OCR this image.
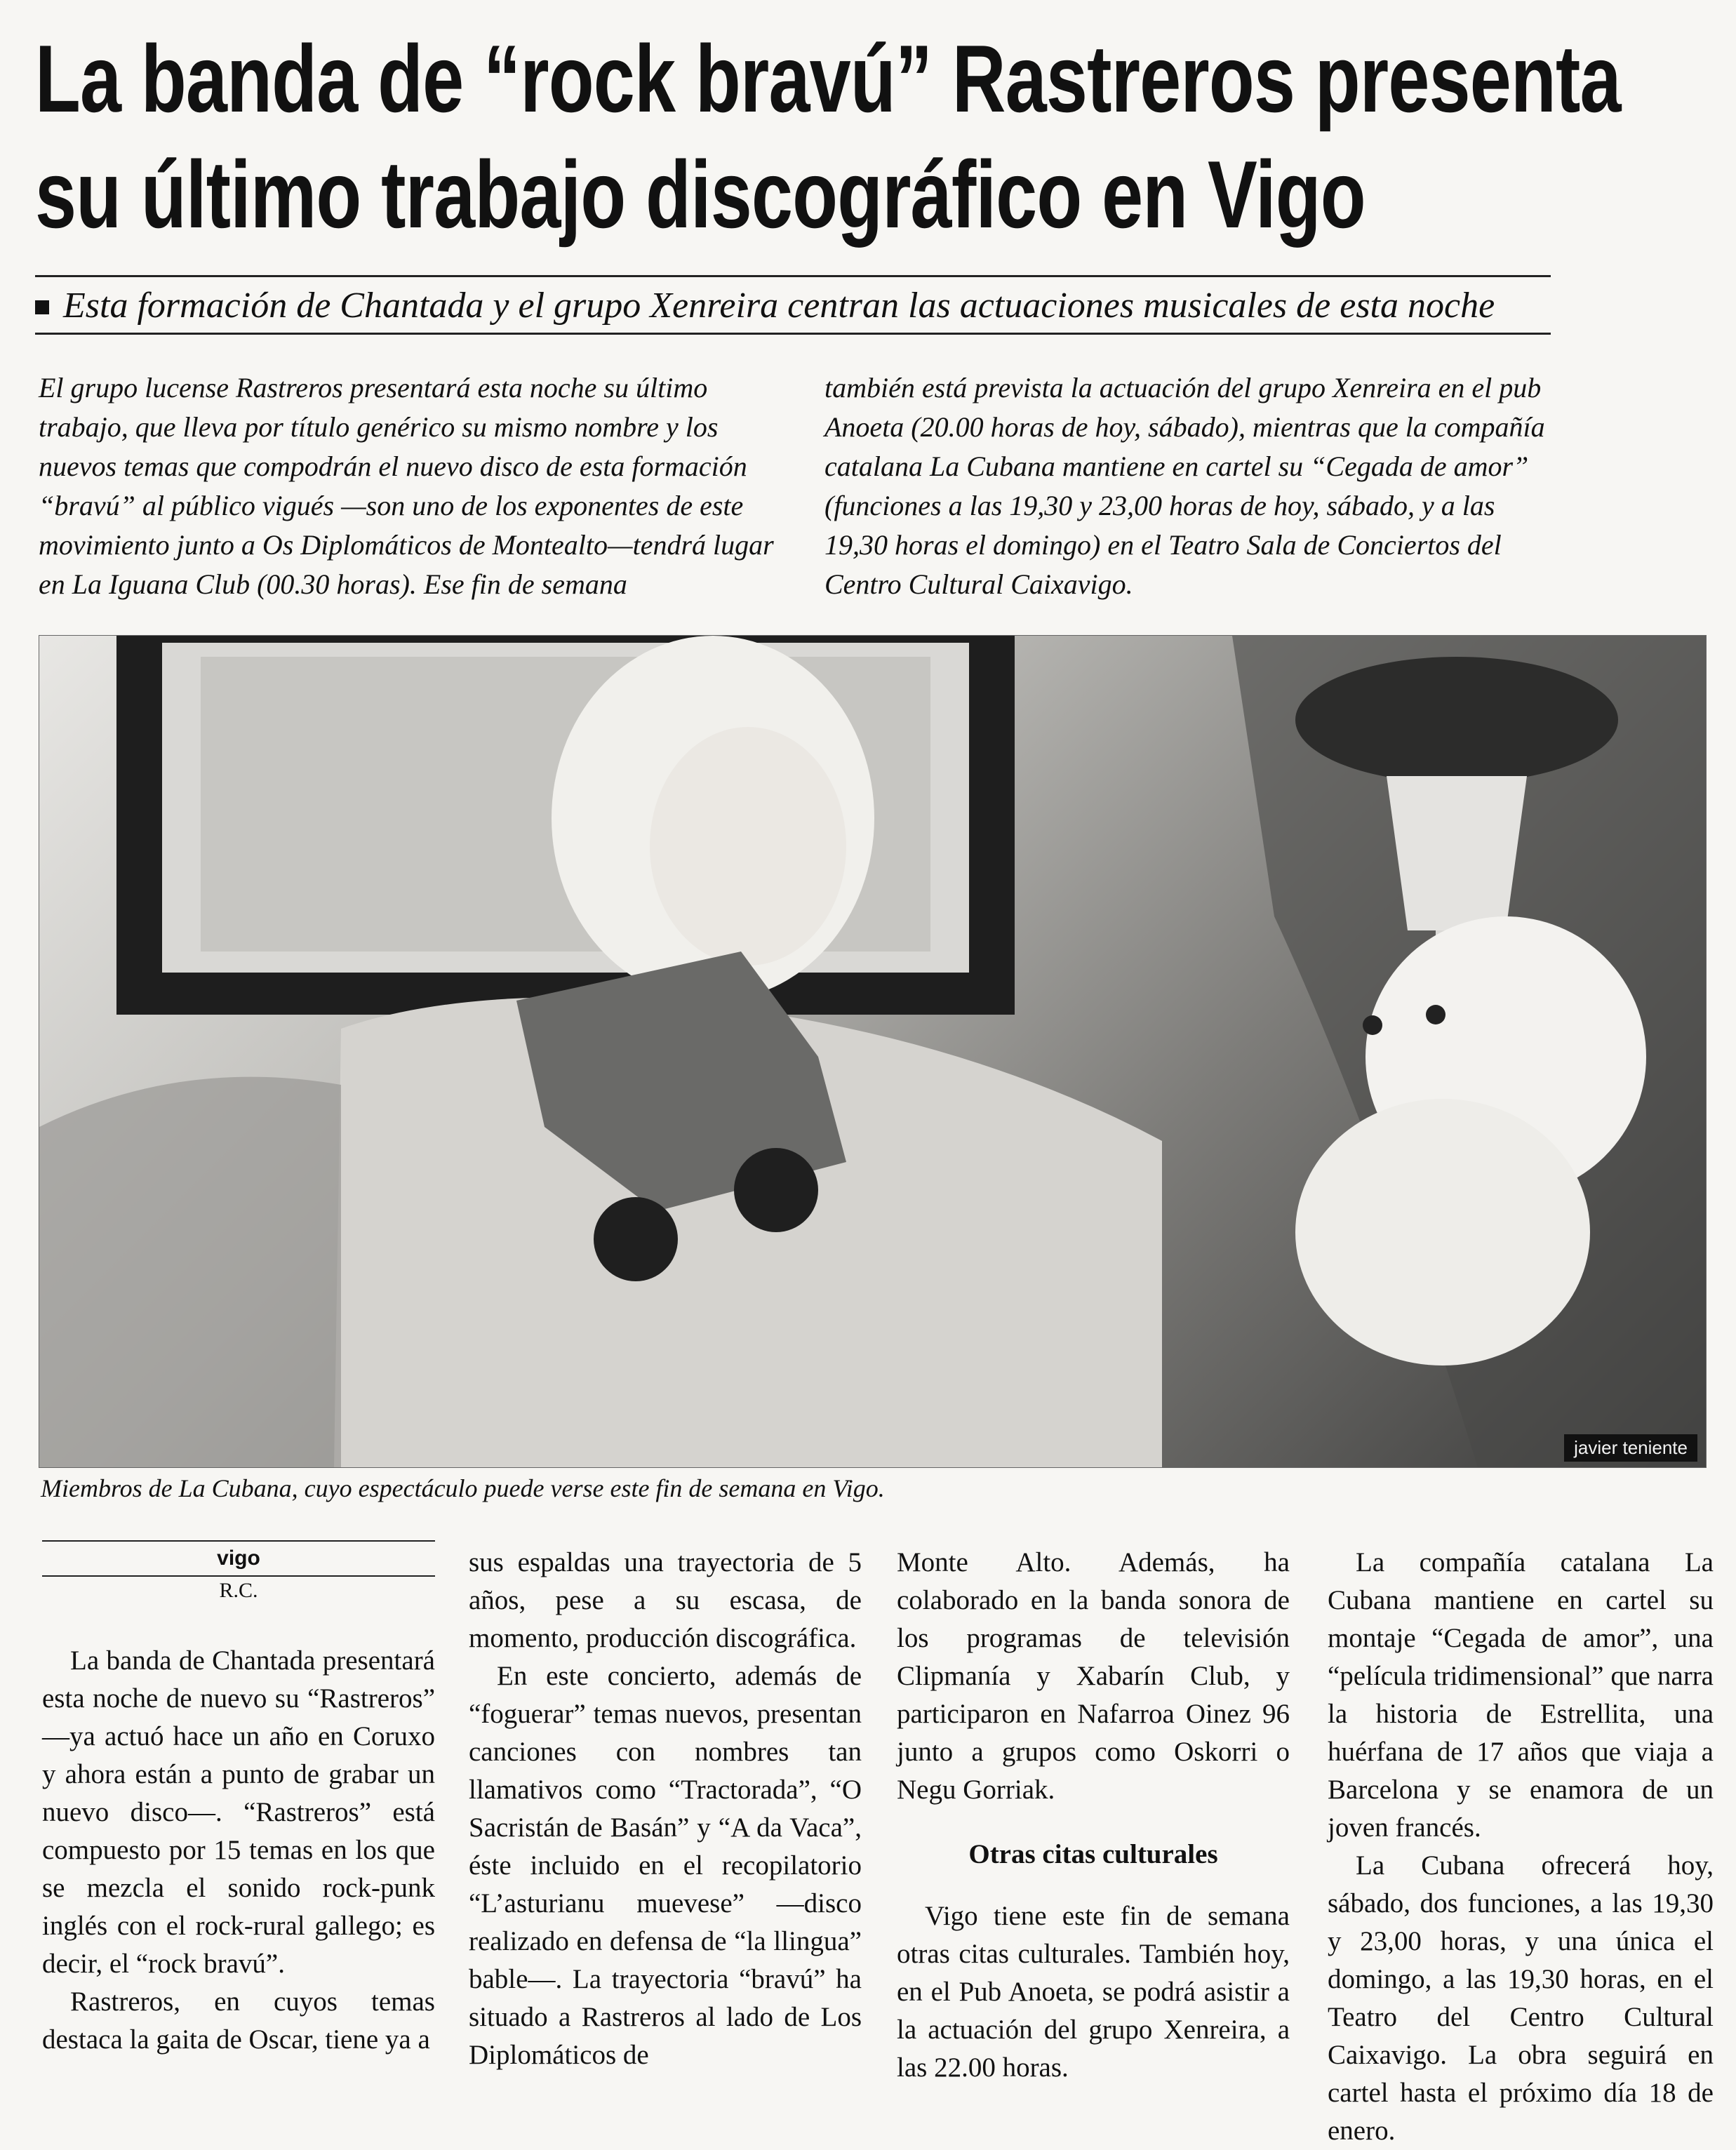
La banda de “rock bravú” Rastreros presenta
su último trabajo discográfico en Vigo
Esta formación de Chantada y el grupo Xenreira centran las actuaciones musicales de esta noche

El grupo lucense Rastreros presentará esta noche su último trabajo, que lleva por título genérico su mismo nombre y los nuevos temas que compodrán el nuevo disco de esta formación “bravú” al público vigués —son uno de los exponentes de este movimiento junto a Os Diplomáticos de Montealto—tendrá lugar en La Iguana Club (00.30 horas). Ese fin de semana

también está prevista la actuación del grupo Xenreira en el pub Anoeta (20.00 horas de hoy, sábado), mientras que la compañía catalana La Cubana mantiene en cartel su “Cegada de amor” (funciones a las 19,30 y 23,00 horas de hoy, sábado, y a las 19,30 horas el domingo) en el Teatro Sala de Conciertos del Centro Cultural Caixavigo.

javier teniente
Miembros de La Cubana, cuyo espectáculo puede verse este fin de semana en Vigo.
vigo
R.C.

La banda de Chantada presentará esta noche de nuevo su “Rastreros” —ya actuó hace un año en Coruxo y ahora están a punto de grabar un nuevo disco—. “Rastreros” está compuesto por 15 temas en los que se mezcla el sonido rock-punk inglés con el rock-rural gallego; es decir, el “rock bravú”.

Rastreros, en cuyos temas destaca la gaita de Oscar, tiene ya a

sus espaldas una trayectoria de 5 años, pese a su escasa, de momento, producción discográfica.

En este concierto, además de “foguerar” temas nuevos, presentan canciones con nombres tan llamativos como “Tractorada”, “O Sacristán de Basán” y “A da Vaca”, éste incluido en el recopilatorio “L’asturianu muevese” —disco realizado en defensa de “la llingua” bable—. La trayectoria “bravú” ha situado a Rastreros al lado de Los Diplomáticos de

Monte Alto. Además, ha colaborado en la banda sonora de los programas de televisión Clipmanía y Xabarín Club, y participaron en Nafarroa Oinez 96 junto a grupos como Oskorri o Negu Gorriak.

Otras citas culturales

Vigo tiene este fin de semana otras citas culturales. También hoy, en el Pub Anoeta, se podrá asistir a la actuación del grupo Xenreira, a las 22.00 horas.

La compañía catalana La Cubana mantiene en cartel su montaje “Cegada de amor”, una “película tridimensional” que narra la historia de Estrellita, una huérfana de 17 años que viaja a Barcelona y se enamora de un joven francés.

La Cubana ofrecerá hoy, sábado, dos funciones, a las 19,30 y 23,00 horas, y una única el domingo, a las 19,30 horas, en el Teatro del Centro Cultural Caixavigo. La obra seguirá en cartel hasta el próximo día 18 de enero.
